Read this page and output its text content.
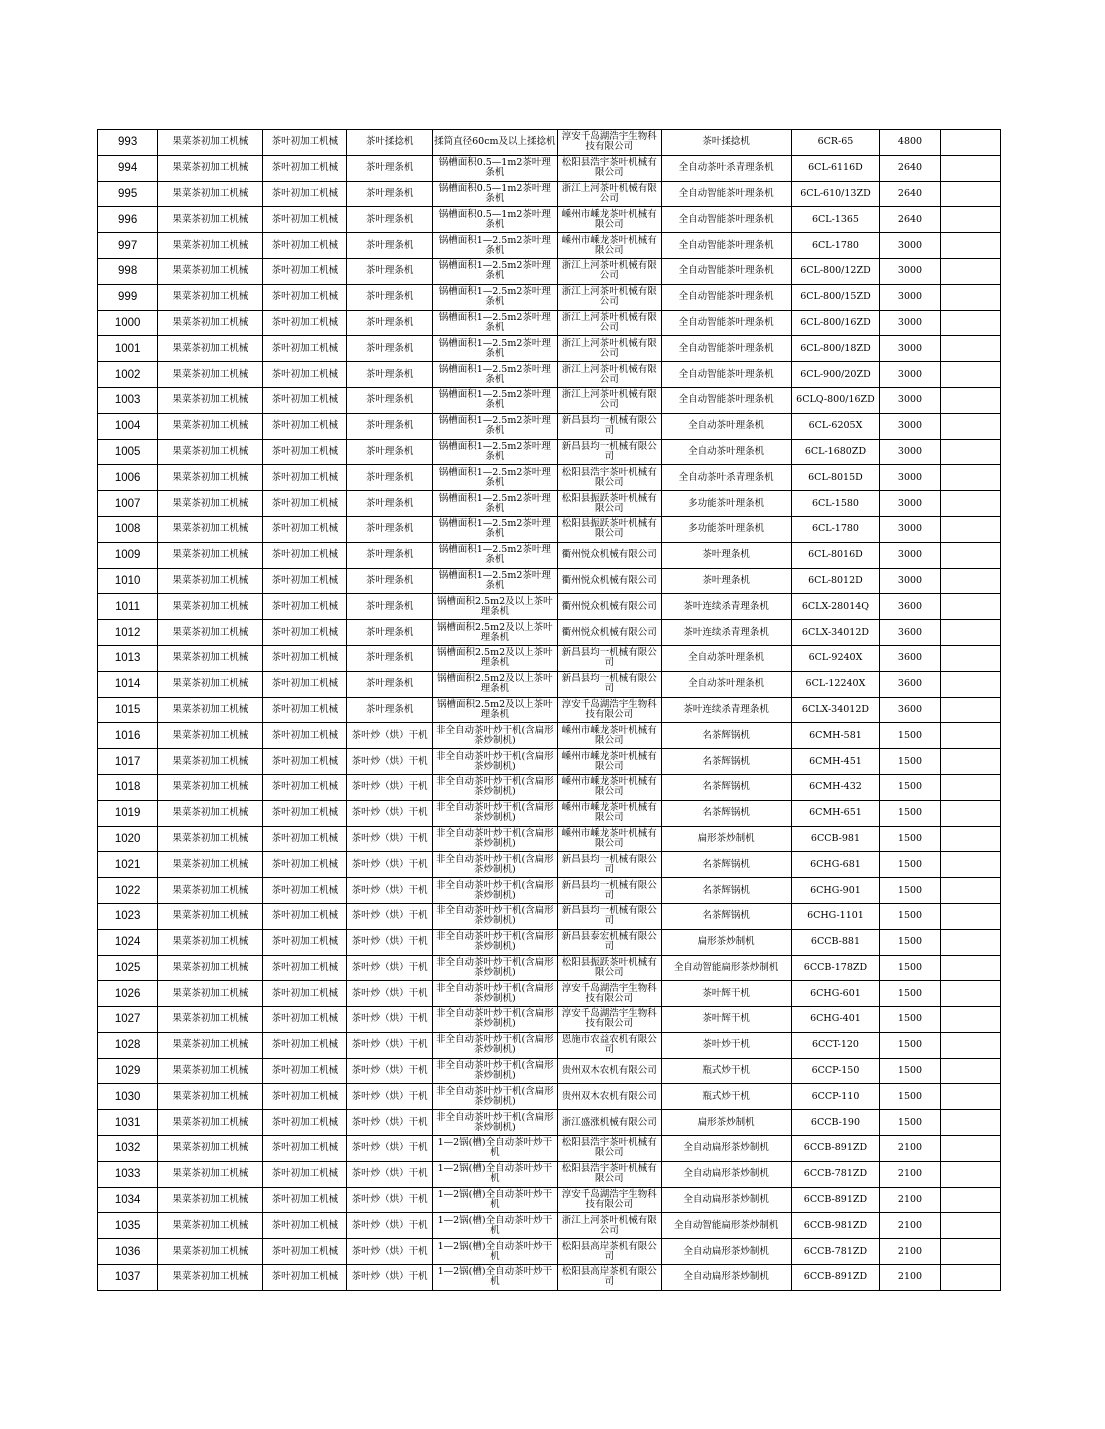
993	果菜茶初加工机械	茶叶初加工机械	茶叶揉捻机	揉筒直径60cm及以上揉捻机	淳安千岛湖浩宇生物科技有限公司	茶叶揉捻机	6CR-65	4800	
994	果菜茶初加工机械	茶叶初加工机械	茶叶理条机	锅槽面积0.5—1m2茶叶理条机	松阳县浩宇茶叶机械有限公司	全自动茶叶杀青理条机	6CL-6116D	2640	
995	果菜茶初加工机械	茶叶初加工机械	茶叶理条机	锅槽面积0.5—1m2茶叶理条机	浙江上河茶叶机械有限公司	全自动智能茶叶理条机	6CL-610/13ZD	2640	
996	果菜茶初加工机械	茶叶初加工机械	茶叶理条机	锅槽面积0.5—1m2茶叶理条机	嵊州市嵊龙茶叶机械有限公司	全自动智能茶叶理条机	6CL-1365	2640	
997	果菜茶初加工机械	茶叶初加工机械	茶叶理条机	锅槽面积1—2.5m2茶叶理条机	嵊州市嵊龙茶叶机械有限公司	全自动智能茶叶理条机	6CL-1780	3000	
998	果菜茶初加工机械	茶叶初加工机械	茶叶理条机	锅槽面积1—2.5m2茶叶理条机	浙江上河茶叶机械有限公司	全自动智能茶叶理条机	6CL-800/12ZD	3000	
999	果菜茶初加工机械	茶叶初加工机械	茶叶理条机	锅槽面积1—2.5m2茶叶理条机	浙江上河茶叶机械有限公司	全自动智能茶叶理条机	6CL-800/15ZD	3000	
1000	果菜茶初加工机械	茶叶初加工机械	茶叶理条机	锅槽面积1—2.5m2茶叶理条机	浙江上河茶叶机械有限公司	全自动智能茶叶理条机	6CL-800/16ZD	3000	
1001	果菜茶初加工机械	茶叶初加工机械	茶叶理条机	锅槽面积1—2.5m2茶叶理条机	浙江上河茶叶机械有限公司	全自动智能茶叶理条机	6CL-800/18ZD	3000	
1002	果菜茶初加工机械	茶叶初加工机械	茶叶理条机	锅槽面积1—2.5m2茶叶理条机	浙江上河茶叶机械有限公司	全自动智能茶叶理条机	6CL-900/20ZD	3000	
1003	果菜茶初加工机械	茶叶初加工机械	茶叶理条机	锅槽面积1—2.5m2茶叶理条机	浙江上河茶叶机械有限公司	全自动智能茶叶理条机	6CLQ-800/16ZD	3000	
1004	果菜茶初加工机械	茶叶初加工机械	茶叶理条机	锅槽面积1—2.5m2茶叶理条机	新昌县均一机械有限公司	全自动茶叶理条机	6CL-6205X	3000	
1005	果菜茶初加工机械	茶叶初加工机械	茶叶理条机	锅槽面积1—2.5m2茶叶理条机	新昌县均一机械有限公司	全自动茶叶理条机	6CL-1680ZD	3000	
1006	果菜茶初加工机械	茶叶初加工机械	茶叶理条机	锅槽面积1—2.5m2茶叶理条机	松阳县浩宇茶叶机械有限公司	全自动茶叶杀青理条机	6CL-8015D	3000	
1007	果菜茶初加工机械	茶叶初加工机械	茶叶理条机	锅槽面积1—2.5m2茶叶理条机	松阳县振跃茶叶机械有限公司	多功能茶叶理条机	6CL-1580	3000	
1008	果菜茶初加工机械	茶叶初加工机械	茶叶理条机	锅槽面积1—2.5m2茶叶理条机	松阳县振跃茶叶机械有限公司	多功能茶叶理条机	6CL-1780	3000	
1009	果菜茶初加工机械	茶叶初加工机械	茶叶理条机	锅槽面积1—2.5m2茶叶理条机	衢州悦众机械有限公司	茶叶理条机	6CL-8016D	3000	
1010	果菜茶初加工机械	茶叶初加工机械	茶叶理条机	锅槽面积1—2.5m2茶叶理条机	衢州悦众机械有限公司	茶叶理条机	6CL-8012D	3000	
1011	果菜茶初加工机械	茶叶初加工机械	茶叶理条机	锅槽面积2.5m2及以上茶叶理条机	衢州悦众机械有限公司	茶叶连续杀青理条机	6CLX-28014Q	3600	
1012	果菜茶初加工机械	茶叶初加工机械	茶叶理条机	锅槽面积2.5m2及以上茶叶理条机	衢州悦众机械有限公司	茶叶连续杀青理条机	6CLX-34012D	3600	
1013	果菜茶初加工机械	茶叶初加工机械	茶叶理条机	锅槽面积2.5m2及以上茶叶理条机	新昌县均一机械有限公司	全自动茶叶理条机	6CL-9240X	3600	
1014	果菜茶初加工机械	茶叶初加工机械	茶叶理条机	锅槽面积2.5m2及以上茶叶理条机	新昌县均一机械有限公司	全自动茶叶理条机	6CL-12240X	3600	
1015	果菜茶初加工机械	茶叶初加工机械	茶叶理条机	锅槽面积2.5m2及以上茶叶理条机	淳安千岛湖浩宇生物科技有限公司	茶叶连续杀青理条机	6CLX-34012D	3600	
1016	果菜茶初加工机械	茶叶初加工机械	茶叶炒（烘）干机	非全自动茶叶炒干机(含扁形茶炒制机)	嵊州市嵊龙茶叶机械有限公司	名茶辉锅机	6CMH-581	1500	
1017	果菜茶初加工机械	茶叶初加工机械	茶叶炒（烘）干机	非全自动茶叶炒干机(含扁形茶炒制机)	嵊州市嵊龙茶叶机械有限公司	名茶辉锅机	6CMH-451	1500	
1018	果菜茶初加工机械	茶叶初加工机械	茶叶炒（烘）干机	非全自动茶叶炒干机(含扁形茶炒制机)	嵊州市嵊龙茶叶机械有限公司	名茶辉锅机	6CMH-432	1500	
1019	果菜茶初加工机械	茶叶初加工机械	茶叶炒（烘）干机	非全自动茶叶炒干机(含扁形茶炒制机)	嵊州市嵊龙茶叶机械有限公司	名茶辉锅机	6CMH-651	1500	
1020	果菜茶初加工机械	茶叶初加工机械	茶叶炒（烘）干机	非全自动茶叶炒干机(含扁形茶炒制机)	嵊州市嵊龙茶叶机械有限公司	扁形茶炒制机	6CCB-981	1500	
1021	果菜茶初加工机械	茶叶初加工机械	茶叶炒（烘）干机	非全自动茶叶炒干机(含扁形茶炒制机)	新昌县均一机械有限公司	名茶辉锅机	6CHG-681	1500	
1022	果菜茶初加工机械	茶叶初加工机械	茶叶炒（烘）干机	非全自动茶叶炒干机(含扁形茶炒制机)	新昌县均一机械有限公司	名茶辉锅机	6CHG-901	1500	
1023	果菜茶初加工机械	茶叶初加工机械	茶叶炒（烘）干机	非全自动茶叶炒干机(含扁形茶炒制机)	新昌县均一机械有限公司	名茶辉锅机	6CHG-1101	1500	
1024	果菜茶初加工机械	茶叶初加工机械	茶叶炒（烘）干机	非全自动茶叶炒干机(含扁形茶炒制机)	新昌县泰宏机械有限公司	扁形茶炒制机	6CCB-881	1500	
1025	果菜茶初加工机械	茶叶初加工机械	茶叶炒（烘）干机	非全自动茶叶炒干机(含扁形茶炒制机)	松阳县振跃茶叶机械有限公司	全自动智能扁形茶炒制机	6CCB-178ZD	1500	
1026	果菜茶初加工机械	茶叶初加工机械	茶叶炒（烘）干机	非全自动茶叶炒干机(含扁形茶炒制机)	淳安千岛湖浩宇生物科技有限公司	茶叶辉干机	6CHG-601	1500	
1027	果菜茶初加工机械	茶叶初加工机械	茶叶炒（烘）干机	非全自动茶叶炒干机(含扁形茶炒制机)	淳安千岛湖浩宇生物科技有限公司	茶叶辉干机	6CHG-401	1500	
1028	果菜茶初加工机械	茶叶初加工机械	茶叶炒（烘）干机	非全自动茶叶炒干机(含扁形茶炒制机)	恩施市农益农机有限公司	茶叶炒干机	6CCT-120	1500	
1029	果菜茶初加工机械	茶叶初加工机械	茶叶炒（烘）干机	非全自动茶叶炒干机(含扁形茶炒制机)	贵州双木农机有限公司	瓶式炒干机	6CCP-150	1500	
1030	果菜茶初加工机械	茶叶初加工机械	茶叶炒（烘）干机	非全自动茶叶炒干机(含扁形茶炒制机)	贵州双木农机有限公司	瓶式炒干机	6CCP-110	1500	
1031	果菜茶初加工机械	茶叶初加工机械	茶叶炒（烘）干机	非全自动茶叶炒干机(含扁形茶炒制机)	浙江盛涨机械有限公司	扁形茶炒制机	6CCB-190	1500	
1032	果菜茶初加工机械	茶叶初加工机械	茶叶炒（烘）干机	1—2锅(槽)全自动茶叶炒干机	松阳县浩宇茶叶机械有限公司	全自动扁形茶炒制机	6CCB-891ZD	2100	
1033	果菜茶初加工机械	茶叶初加工机械	茶叶炒（烘）干机	1—2锅(槽)全自动茶叶炒干机	松阳县浩宇茶叶机械有限公司	全自动扁形茶炒制机	6CCB-781ZD	2100	
1034	果菜茶初加工机械	茶叶初加工机械	茶叶炒（烘）干机	1—2锅(槽)全自动茶叶炒干机	淳安千岛湖浩宇生物科技有限公司	全自动扁形茶炒制机	6CCB-891ZD	2100	
1035	果菜茶初加工机械	茶叶初加工机械	茶叶炒（烘）干机	1—2锅(槽)全自动茶叶炒干机	浙江上河茶叶机械有限公司	全自动智能扁形茶炒制机	6CCB-981ZD	2100	
1036	果菜茶初加工机械	茶叶初加工机械	茶叶炒（烘）干机	1—2锅(槽)全自动茶叶炒干机	松阳县高岸茶机有限公司	全自动扁形茶炒制机	6CCB-781ZD	2100	
1037	果菜茶初加工机械	茶叶初加工机械	茶叶炒（烘）干机	1—2锅(槽)全自动茶叶炒干机	松阳县高岸茶机有限公司	全自动扁形茶炒制机	6CCB-891ZD	2100	
